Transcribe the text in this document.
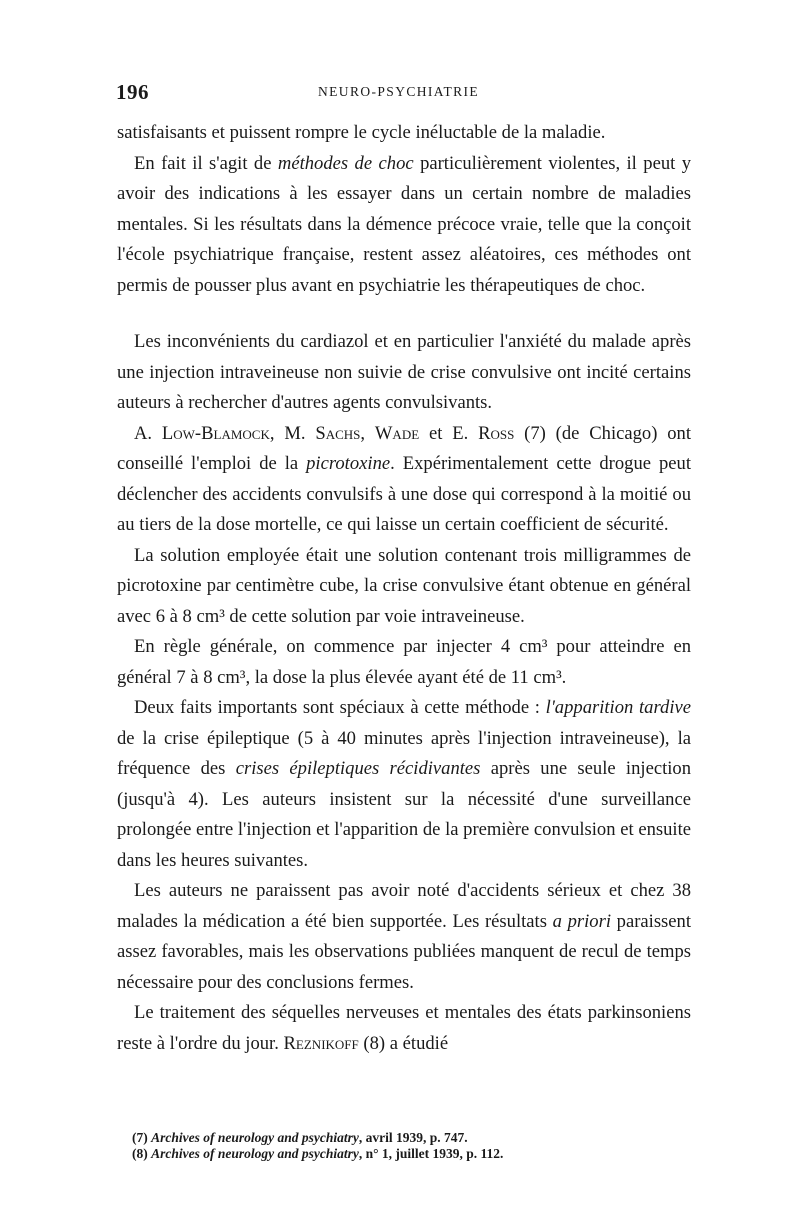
196	NEURO-PSYCHIATRIE

satisfaisants et puissent rompre le cycle inéluctable de la maladie.

En fait il s'agit de méthodes de choc particulièrement violentes, il peut y avoir des indications à les essayer dans un certain nombre de maladies mentales. Si les résultats dans la démence précoce vraie, telle que la conçoit l'école psychiatrique française, restent assez aléatoires, ces méthodes ont permis de pousser plus avant en psychiatrie les thérapeutiques de choc.

Les inconvénients du cardiazol et en particulier l'anxiété du malade après une injection intraveineuse non suivie de crise convulsive ont incité certains auteurs à rechercher d'autres agents convulsivants.

A. Low-Blamock, M. Sachs, Wade et E. Ross (7) (de Chicago) ont conseillé l'emploi de la picrotoxine. Expérimentalement cette drogue peut déclencher des accidents convulsifs à une dose qui correspond à la moitié ou au tiers de la dose mortelle, ce qui laisse un certain coefficient de sécurité.

La solution employée était une solution contenant trois milligrammes de picrotoxine par centimètre cube, la crise convulsive étant obtenue en général avec 6 à 8 cm³ de cette solution par voie intraveineuse.

En règle générale, on commence par injecter 4 cm³ pour atteindre en général 7 à 8 cm³, la dose la plus élevée ayant été de 11 cm³.

Deux faits importants sont spéciaux à cette méthode : l'apparition tardive de la crise épileptique (5 à 40 minutes après l'injection intraveineuse), la fréquence des crises épileptiques récidivantes après une seule injection (jusqu'à 4). Les auteurs insistent sur la nécessité d'une surveillance prolongée entre l'injection et l'apparition de la première convulsion et ensuite dans les heures suivantes.

Les auteurs ne paraissent pas avoir noté d'accidents sérieux et chez 38 malades la médication a été bien supportée. Les résultats a priori paraissent assez favorables, mais les observations publiées manquent de recul de temps nécessaire pour des conclusions fermes.

Le traitement des séquelles nerveuses et mentales des états parkinsoniens reste à l'ordre du jour. Reznikoff (8) a étudié

(7) Archives of neurology and psychiatry, avril 1939, p. 747.
(8) Archives of neurology and psychiatry, n° 1, juillet 1939, p. 112.
